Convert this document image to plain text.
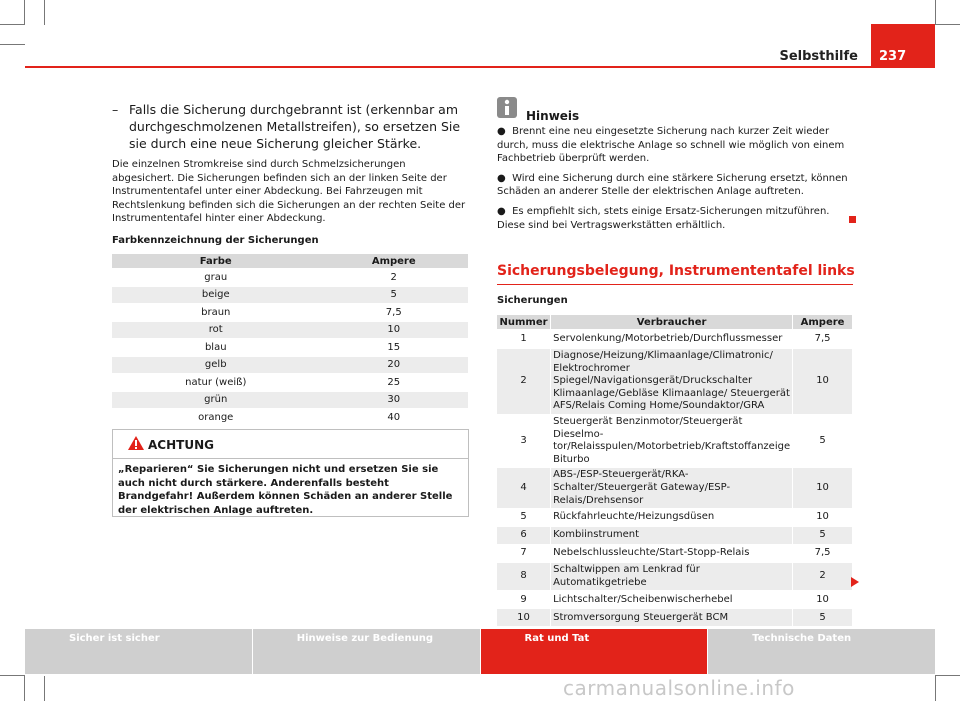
Selbsthilfe 237
– Falls die Sicherung durchgebrannt ist (erkennbar am durchgeschmolzenen Metallstreifen), so ersetzen Sie sie durch eine neue Sicherung gleicher Stärke.
Die einzelnen Stromkreise sind durch Schmelzsicherungen abgesichert. Die Sicherungen befinden sich an der linken Seite der Instrumententafel unter einer Abdeckung. Bei Fahrzeugen mit Rechtslenkung befinden sich die Sicherungen an der rechten Seite der Instrumententafel hinter einer Abdeckung.
Farbkennzeichnung der Sicherungen
Farbe	Ampere
grau	2
beige	5
braun	7,5
rot	10
blau	15
gelb	20
natur (weiß)	25
grün	30
orange	40
ACHTUNG
„Reparieren“ Sie Sicherungen nicht und ersetzen Sie sie auch nicht durch stärkere. Anderenfalls besteht Brandgefahr! Außerdem können Schäden an anderer Stelle der elektrischen Anlage auftreten.
Hinweis

●  Brennt eine neu eingesetzte Sicherung nach kurzer Zeit wieder durch, muss die elektrische Anlage so schnell wie möglich von einem Fachbetrieb überprüft werden.

●  Wird eine Sicherung durch eine stärkere Sicherung ersetzt, können Schäden an anderer Stelle der elektrischen Anlage auftreten.

●  Es empfiehlt sich, stets einige Ersatz-Sicherungen mitzuführen. Diese sind bei Vertragswerkstätten erhältlich.

Sicherungsbelegung, Instrumententafel links
Sicherungen
Nummer	Verbraucher	Ampere
1	Servolenkung/Motorbetrieb/Durchflussmesser	7,5
2	Diagnose/Heizung/Klimaanlage/Climatronic/ Elektrochromer Spiegel/Navigationsgerät/Druckschalter Klimaanlage/Gebläse Klimaanlage/ Steuergerät AFS/Relais Coming Home/Soundaktor/GRA	10
3	Steuergerät Benzinmotor/Steuergerät Dieselmotor/Relaisspulen/Motorbetrieb/Kraftstoffanzeige Biturbo	5
4	ABS-/ESP-Steuergerät/RKA-Schalter/Steuergerät Gateway/ESP-Relais/Drehsensor	10
5	Rückfahrleuchte/Heizungsdüsen	10
6	Kombiinstrument	5
7	Nebelschlussleuchte/Start-Stopp-Relais	7,5
8	Schaltwippen am Lenkrad für Automatikgetriebe	2
9	Lichtschalter/Scheibenwischerhebel	10
10	Stromversorgung Steuergerät BCM	5
Sicher ist sicher	Hinweise zur Bedienung	Rat und Tat	Technische Daten
carmanualsonline.info
